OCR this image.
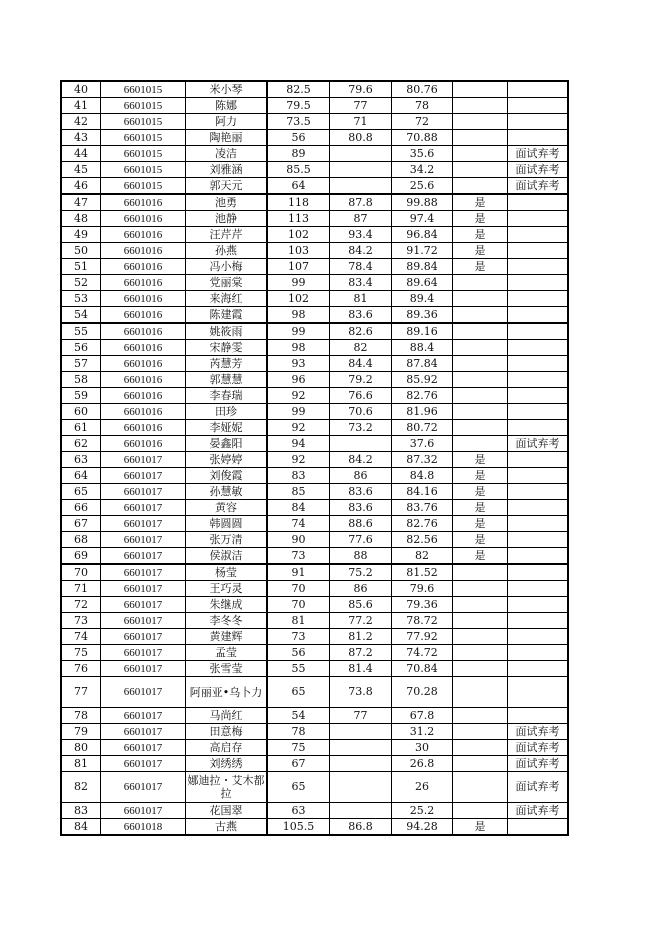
40	6601015	米小琴	82.5	79.6	80.76		
41	6601015	陈娜	79.5	77	78		
42	6601015	阿力	73.5	71	72		
43	6601015	陶艳丽	56	80.8	70.88		
44	6601015	凌洁	89		35.6		面试弃考
45	6601015	刘雅涵	85.5		34.2		面试弃考
46	6601015	郭天元	64		25.6		面试弃考
47	6601016	池勇	118	87.8	99.88	是	
48	6601016	池静	113	87	97.4	是	
49	6601016	汪芹芹	102	93.4	96.84	是	
50	6601016	孙燕	103	84.2	91.72	是	
51	6601016	冯小梅	107	78.4	89.84	是	
52	6601016	党丽棠	99	83.4	89.64		
53	6601016	来海红	102	81	89.4		
54	6601016	陈建霞	98	83.6	89.36		
55	6601016	姚筱雨	99	82.6	89.16		
56	6601016	宋静雯	98	82	88.4		
57	6601016	芮慧芳	93	84.4	87.84		
58	6601016	郭慧慧	96	79.2	85.92		
59	6601016	李春瑞	92	76.6	82.76		
60	6601016	田珍	99	70.6	81.96		
61	6601016	李娅妮	92	73.2	80.72		
62	6601016	晏鑫阳	94		37.6		面试弃考
63	6601017	张婷婷	92	84.2	87.32	是	
64	6601017	刘俊霞	83	86	84.8	是	
65	6601017	孙慧敏	85	83.6	84.16	是	
66	6601017	黄容	84	83.6	83.76	是	
67	6601017	韩圆圆	74	88.6	82.76	是	
68	6601017	张万清	90	77.6	82.56	是	
69	6601017	侯淑洁	73	88	82	是	
70	6601017	杨莹	91	75.2	81.52		
71	6601017	王巧灵	70	86	79.6		
72	6601017	朱继成	70	85.6	79.36		
73	6601017	李冬冬	81	77.2	78.72		
74	6601017	黄建辉	73	81.2	77.92		
75	6601017	孟莹	56	87.2	74.72		
76	6601017	张雪莹	55	81.4	70.84		
77	6601017	阿丽亚•乌卜力	65	73.8	70.28		
78	6601017	马尚红	54	77	67.8		
79	6601017	田意梅	78		31.2		面试弃考
80	6601017	高启存	75		30		面试弃考
81	6601017	刘绣绣	67		26.8		面试弃考
82	6601017	娜迪拉・艾木都拉	65		26		面试弃考
83	6601017	花国翠	63		25.2		面试弃考
84	6601018	古燕	105.5	86.8	94.28	是	
